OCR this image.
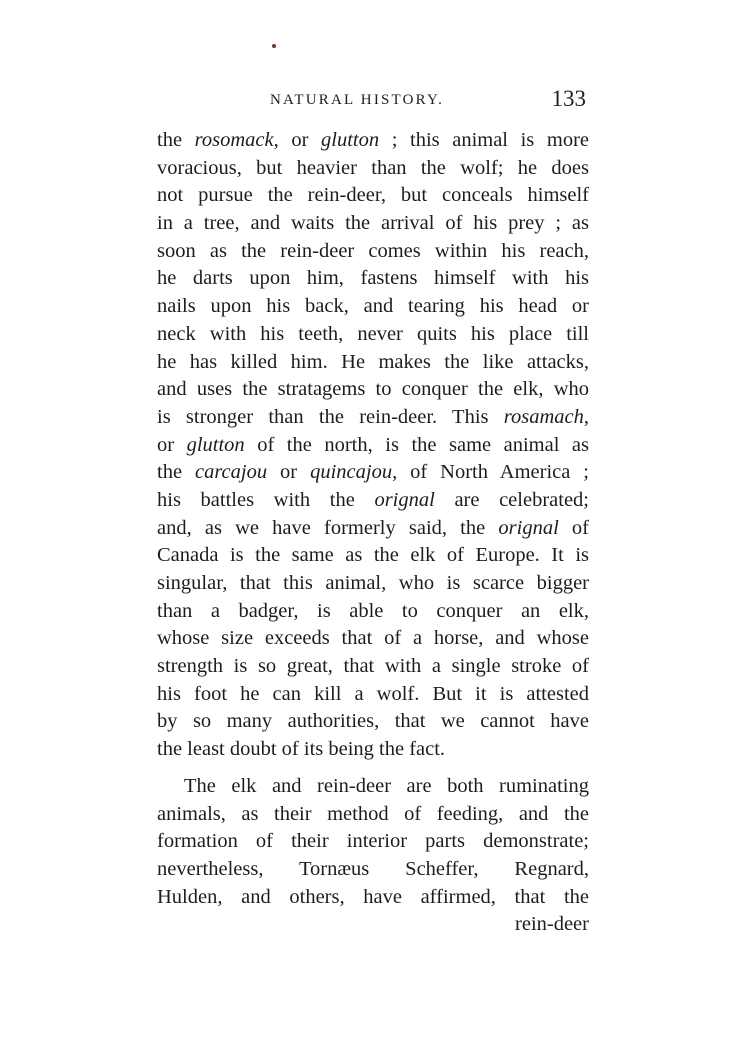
NATURAL HISTORY.	133
the rosomack, or glutton ; this animal is more
voracious, but heavier than the wolf; he does
not pursue the rein-deer, but conceals himself
in a tree, and waits the arrival of his prey ; as
soon as the rein-deer comes within his reach,
he darts upon him, fastens himself with his
nails upon his back, and tearing his head or
neck with his teeth, never quits his place till
he has killed him. He makes the like attacks,
and uses the stratagems to conquer the elk, who
is stronger than the rein-deer. This rosamach,
or glutton of the north, is the same animal as
the carcajou or quincajou, of North America ;
his battles with the orignal are celebrated;
and, as we have formerly said, the orignal of
Canada is the same as the elk of Europe. It is
singular, that this animal, who is scarce bigger
than a badger, is able to conquer an elk,
whose size exceeds that of a horse, and whose
strength is so great, that with a single stroke of
his foot he can kill a wolf. But it is attested
by so many authorities, that we cannot have
the least doubt of its being the fact.
The elk and rein-deer are both ruminating
animals, as their method of feeding, and the
formation of their interior parts demonstrate;
nevertheless, Tornæus Scheffer, Regnard,
Hulden, and others, have affirmed, that the
rein-deer
